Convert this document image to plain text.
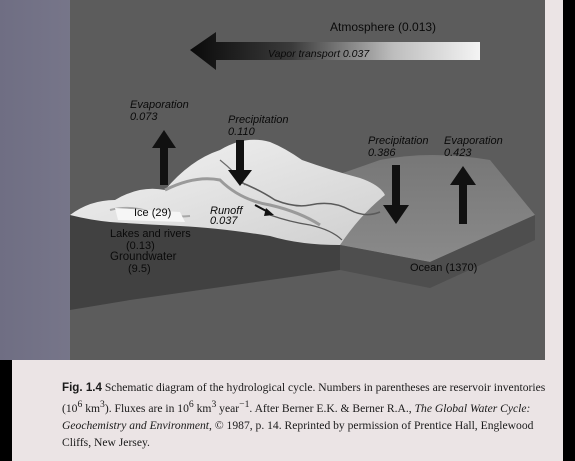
Atmosphere (0.013)
Vapor transport 0.037
Evaporation
0.073	Precipitation
0.110
Precipitation
0.386
Evaporation
0.423
Ice (29)	Runoff
0.037
Lakes and rivers
(0.13)
Groundwater
(9.5)	Ocean (1370)
Fig. 1.4 Schematic diagram of the hydrological cycle. Numbers in parentheses are reservoir inventories ($10^6$ $km^3$). Fluxes are in $10^6$ $km^3$ year$^{-1}$. After Berner E.K. & Berner R.A., The Global Water Cycle: Geochemistry and Environment, © 1987, p. 14. Reprinted by permission of Prentice Hall, Englewood Cliffs, New Jersey.
